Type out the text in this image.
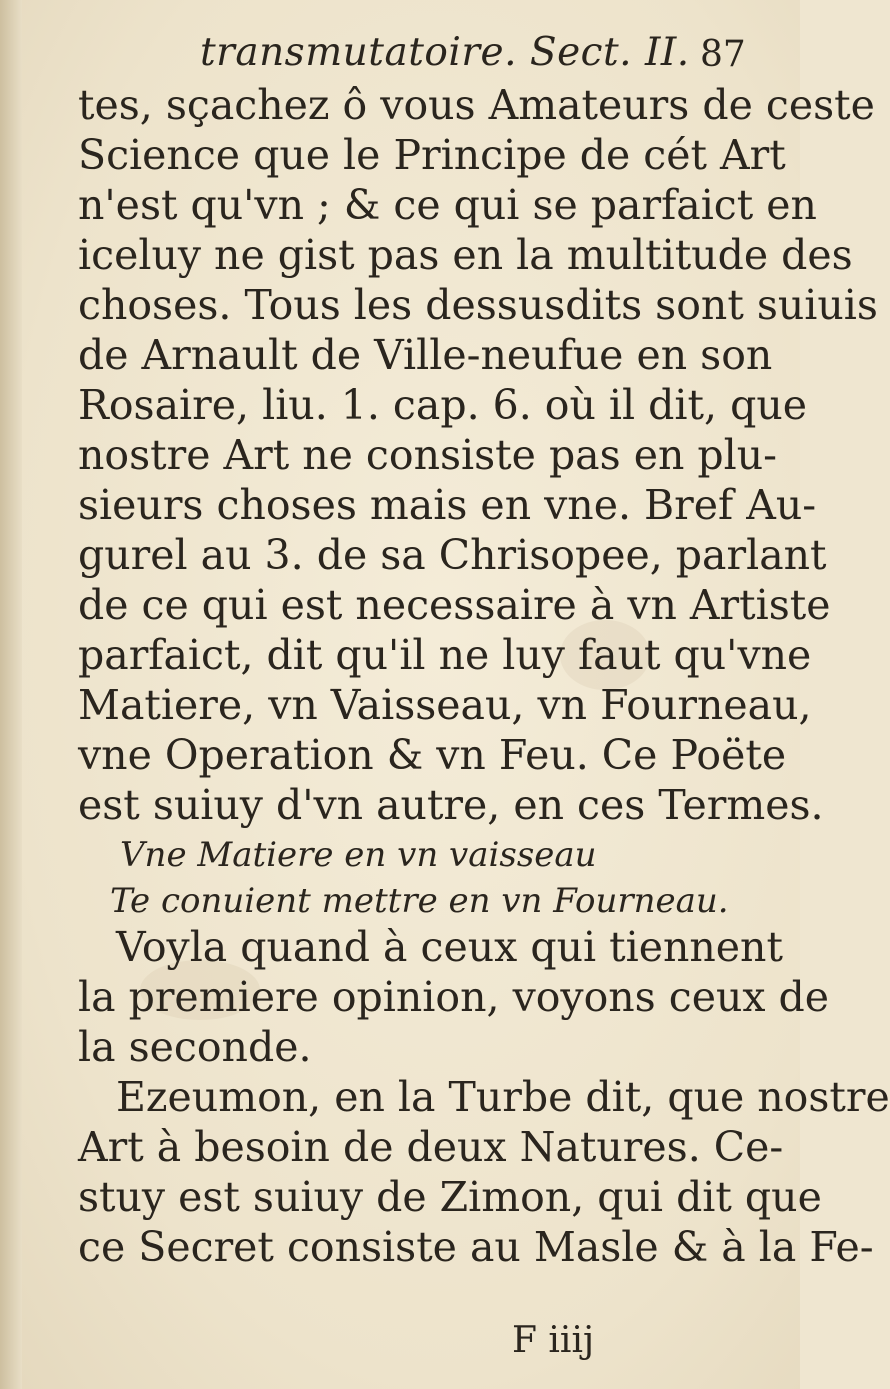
transmutatoire. Sect. II. 87
tes, sçachez ô vous Amateurs de ceste
Science que le Principe de cét Art
n'est qu'vn ; & ce qui se parfaict en
iceluy ne gist pas en la multitude des
choses. Tous les dessusdits sont suiuis
de Arnault de Ville-neufue en son
Rosaire, liu. 1. cap. 6. où il dit, que
nostre Art ne consiste pas en plu-
sieurs choses mais en vne. Bref Au-
gurel au 3. de sa Chrisopee, parlant
de ce qui est necessaire à vn Artiste
parfaict, dit qu'il ne luy faut qu'vne
Matiere, vn Vaisseau, vn Fourneau,
vne Operation & vn Feu. Ce Poëte
est suiuy d'vn autre, en ces Termes.
Vne Matiere en vn vaisseau
Te conuient mettre en vn Fourneau.
Voyla quand à ceux qui tiennent
la premiere opinion, voyons ceux de
la seconde.
Ezeumon, en la Turbe dit, que nostre
Art à besoin de deux Natures. Ce-
stuy est suiuy de Zimon, qui dit que
ce Secret consiste au Masle & à la Fe-
F iiij
